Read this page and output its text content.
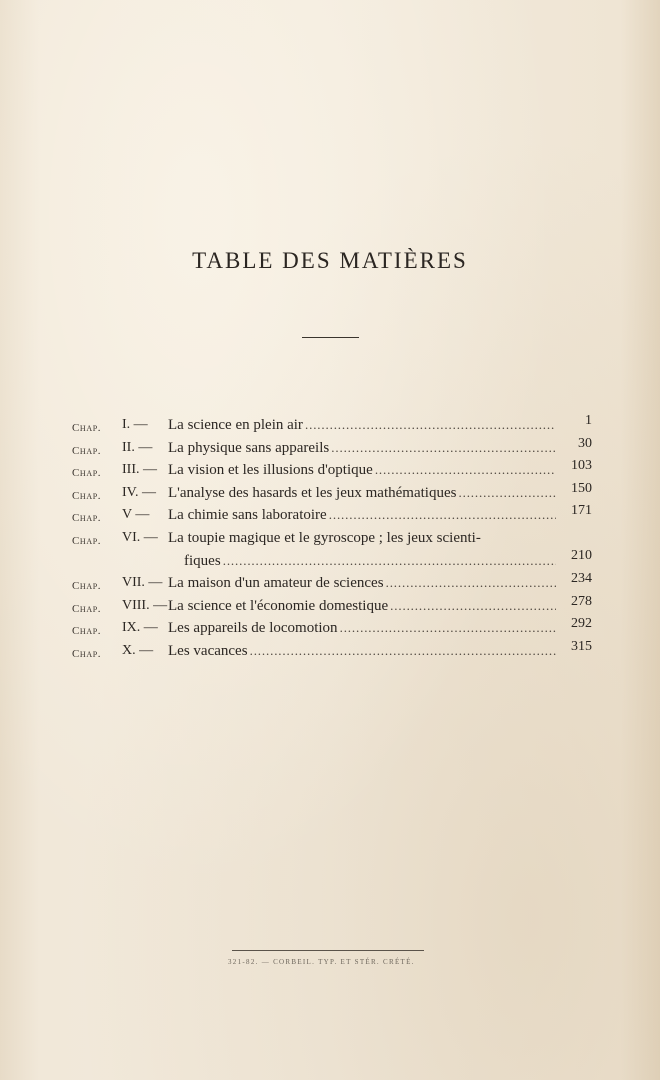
TABLE DES MATIÈRES
Chap. I. — La science en plein air . . .	1
Chap. II. — La physique sans appareils . . .	30
Chap. III. — La vision et les illusions d'optique . . .	103
Chap. IV. — L'analyse des hasards et les jeux mathématiques . . .	150
Chap. V — La chimie sans laboratoire . . .	171
Chap. VI. — La toupie magique et le gyroscope ; les jeux scienti-
fiques . . .	210
Chap. VII. — La maison d'un amateur de sciences . . .	234
Chap. VIII. — La science et l'économie domestique . . .	278
Chap. IX. — Les appareils de locomotion . . .	292
Chap. X. — Les vacances . . .	315
321-82. — CORBEIL. TYP. ET STÉR. CRÉTÉ.
